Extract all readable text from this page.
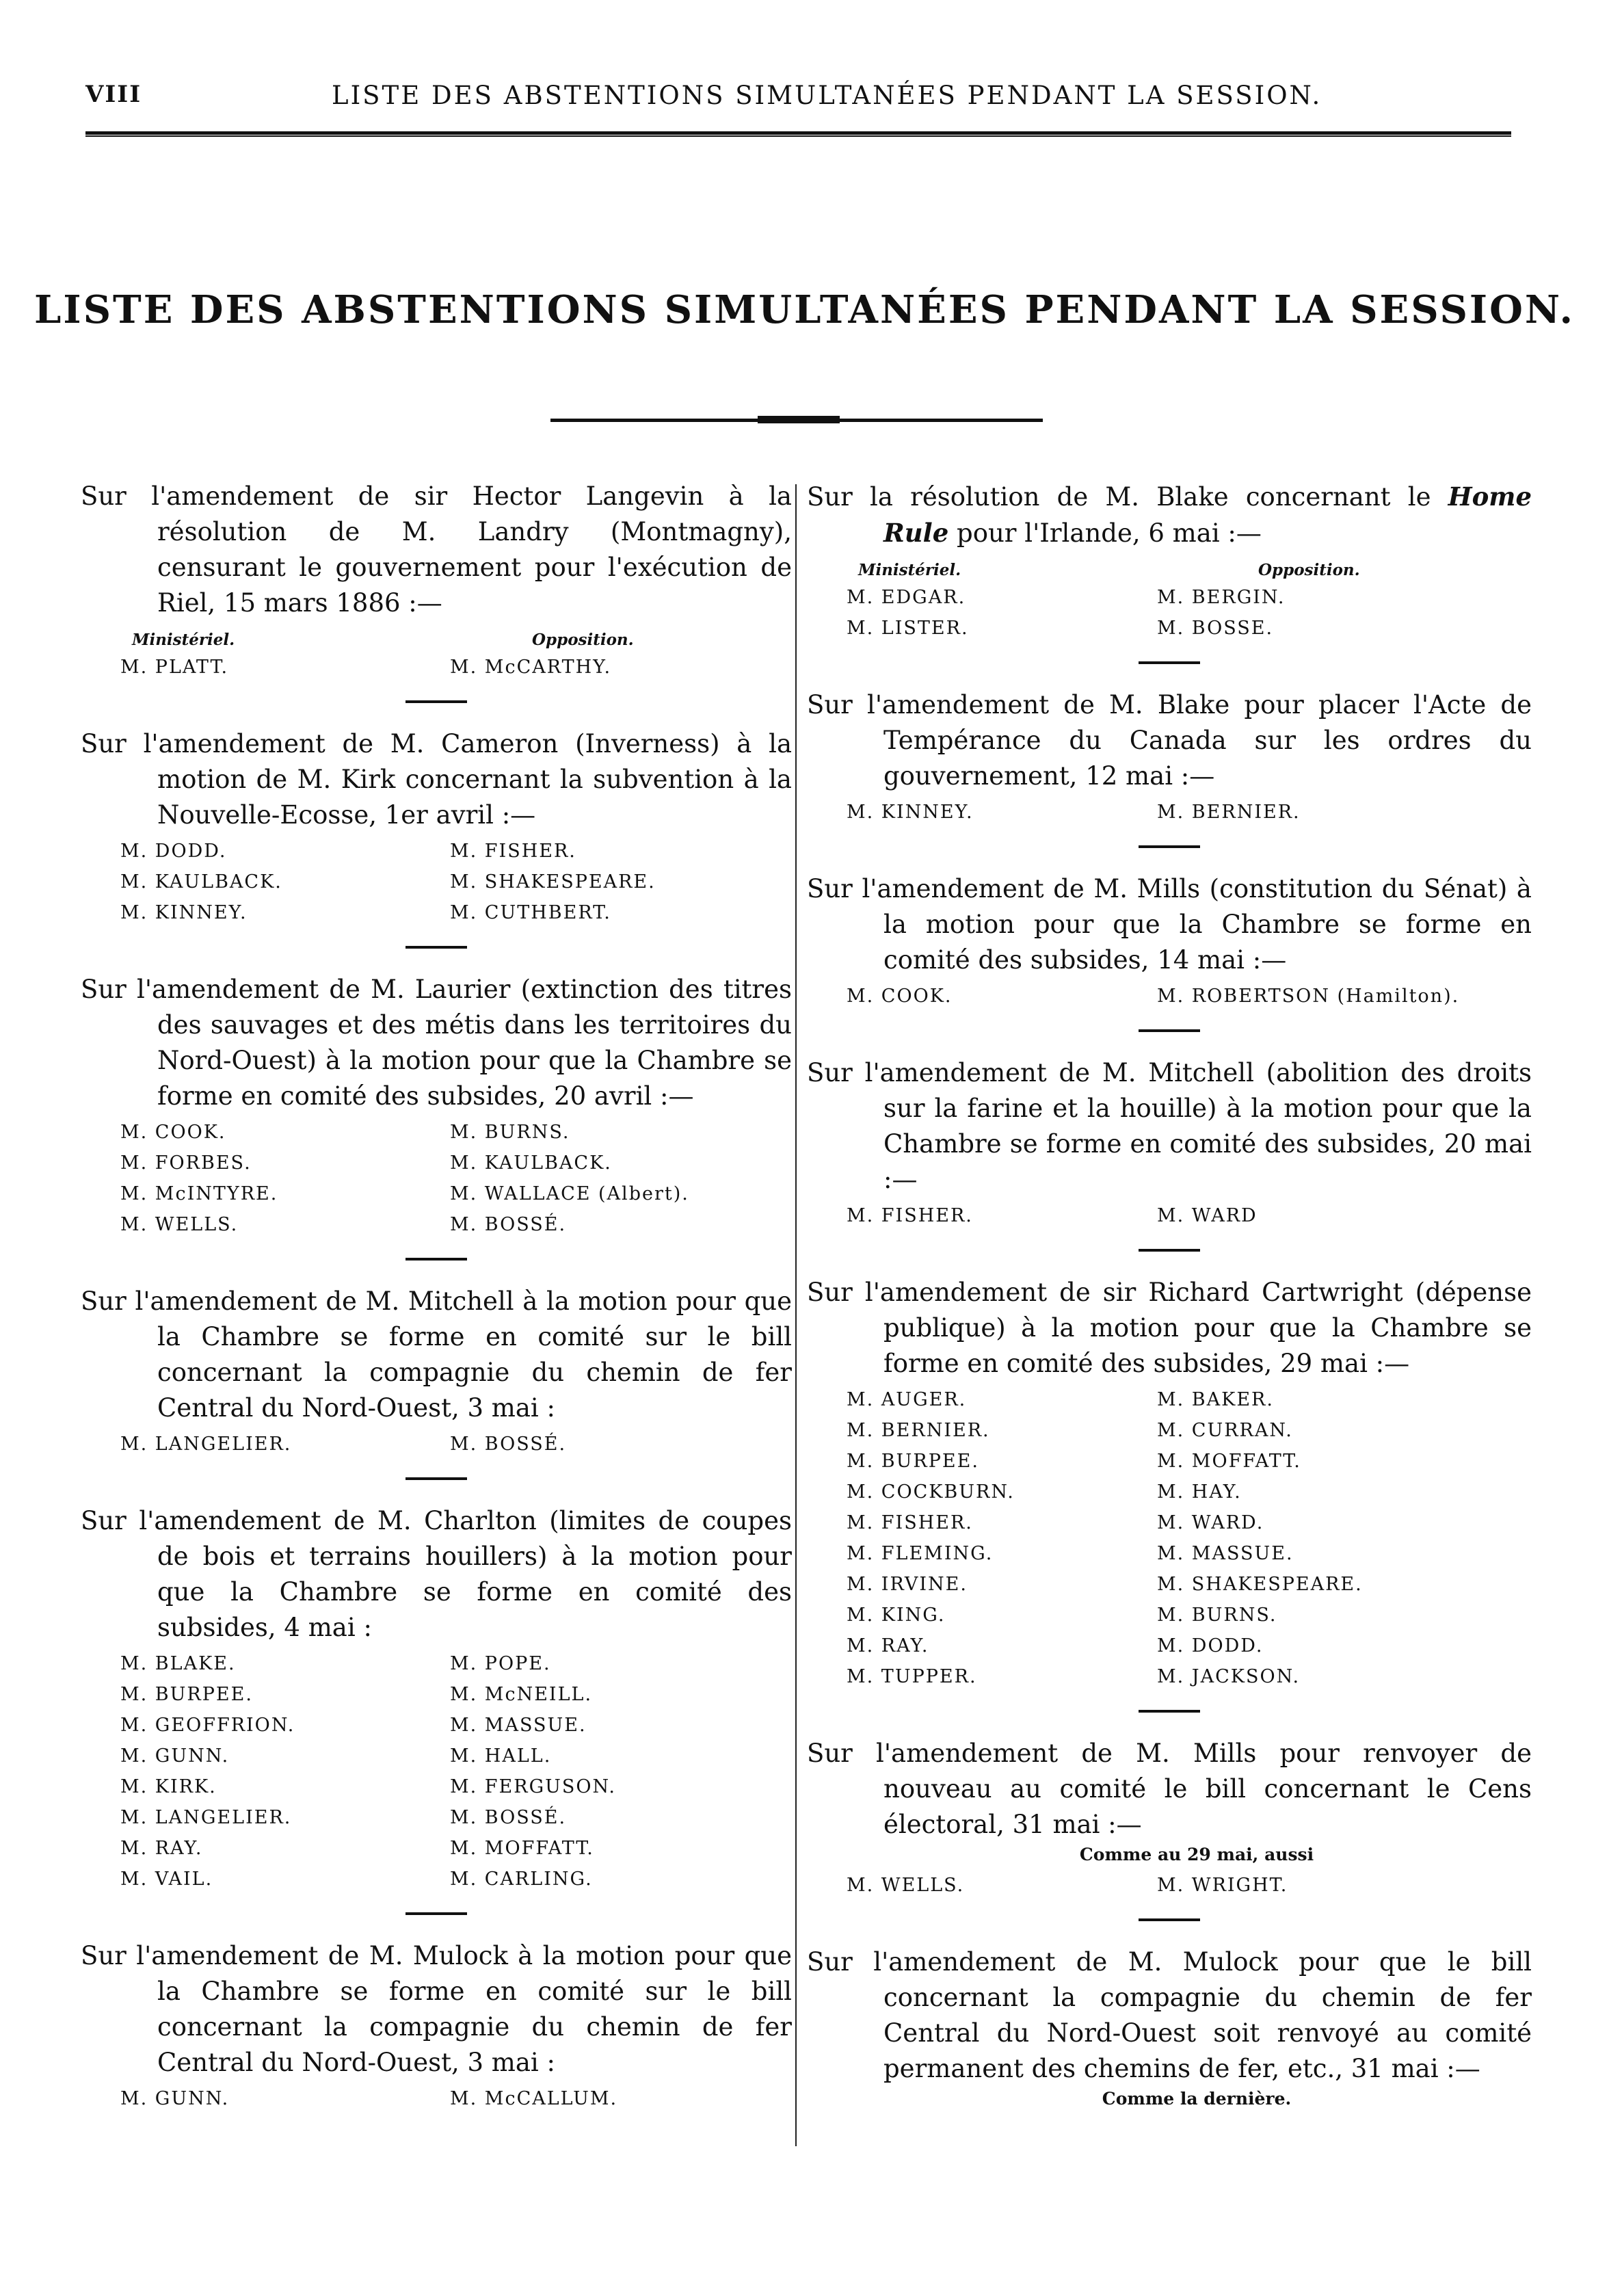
VIII	LISTE DES ABSTENTIONS SIMULTANÉES PENDANT LA SESSION.
LISTE DES ABSTENTIONS SIMULTANÉES PENDANT LA SESSION.

Sur l'amendement de sir Hector Langevin à la résolution de M. Landry (Montmagny), censurant le gouvernement pour l'exécution de Riel, 15 mars 1886 :—

Ministériel.	Opposition.
M. PLATT.	M. McCARTHY.

Sur l'amendement de M. Cameron (Inverness) à la motion de M. Kirk concernant la subvention à la Nouvelle-Ecosse, 1er avril :—

M. DODD.	M. FISHER.
M. KAULBACK.	M. SHAKESPEARE.
M. KINNEY.	M. CUTHBERT.

Sur l'amendement de M. Laurier (extinction des titres des sauvages et des métis dans les territoires du Nord-Ouest) à la motion pour que la Chambre se forme en comité des subsides, 20 avril :—

M. COOK.	M. BURNS.
M. FORBES.	M. KAULBACK.
M. McINTYRE.	M. WALLACE (Albert).
M. WELLS.	M. BOSSÉ.

Sur l'amendement de M. Mitchell à la motion pour que la Chambre se forme en comité sur le bill concernant la compagnie du chemin de fer Central du Nord-Ouest, 3 mai :

M. LANGELIER.	M. BOSSÉ.

Sur l'amendement de M. Charlton (limites de coupes de bois et terrains houillers) à la motion pour que la Chambre se forme en comité des subsides, 4 mai :

M. BLAKE.	M. POPE.
M. BURPEE.	M. McNEILL.
M. GEOFFRION.	M. MASSUE.
M. GUNN.	M. HALL.
M. KIRK.	M. FERGUSON.
M. LANGELIER.	M. BOSSÉ.
M. RAY.	M. MOFFATT.
M. VAIL.	M. CARLING.

Sur l'amendement de M. Mulock à la motion pour que la Chambre se forme en comité sur le bill concernant la compagnie du chemin de fer Central du Nord-Ouest, 3 mai :

M. GUNN.	M. McCALLUM.

Sur la résolution de M. Blake concernant le Home Rule pour l'Irlande, 6 mai :—

Ministériel.	Opposition.
M. EDGAR.	M. BERGIN.
M. LISTER.	M. BOSSE.

Sur l'amendement de M. Blake pour placer l'Acte de Tempérance du Canada sur les ordres du gouvernement, 12 mai :—

M. KINNEY.	M. BERNIER.

Sur l'amendement de M. Mills (constitution du Sénat) à la motion pour que la Chambre se forme en comité des subsides, 14 mai :—

M. COOK.	M. ROBERTSON (Hamilton).

Sur l'amendement de M. Mitchell (abolition des droits sur la farine et la houille) à la motion pour que la Chambre se forme en comité des subsides, 20 mai :—

M. FISHER.	M. WARD

Sur l'amendement de sir Richard Cartwright (dépense publique) à la motion pour que la Chambre se forme en comité des subsides, 29 mai :—

M. AUGER.	M. BAKER.
M. BERNIER.	M. CURRAN.
M. BURPEE.	M. MOFFATT.
M. COCKBURN.	M. HAY.
M. FISHER.	M. WARD.
M. FLEMING.	M. MASSUE.
M. IRVINE.	M. SHAKESPEARE.
M. KING.	M. BURNS.
M. RAY.	M. DODD.
M. TUPPER.	M. JACKSON.

Sur l'amendement de M. Mills pour renvoyer de nouveau au comité le bill concernant le Cens électoral, 31 mai :—

Comme au 29 mai, aussi
M. WELLS.	M. WRIGHT.

Sur l'amendement de M. Mulock pour que le bill concernant la compagnie du chemin de fer Central du Nord-Ouest soit renvoyé au comité permanent des chemins de fer, etc., 31 mai :—

Comme la dernière.
